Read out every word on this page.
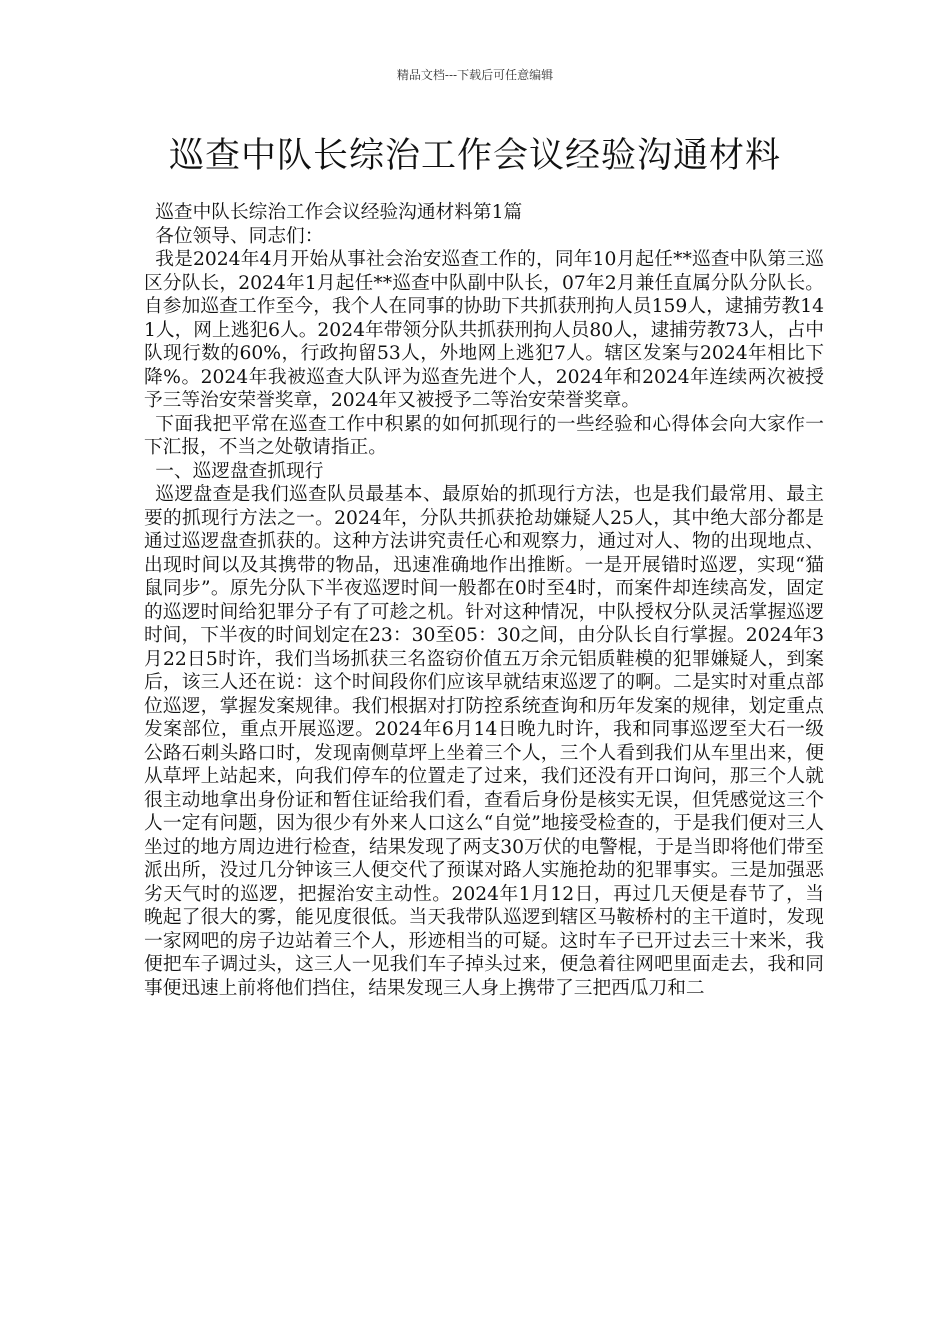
精品文档---下载后可任意编辑
巡查中队长综治工作会议经验沟通材料

巡查中队长综治工作会议经验沟通材料第1篇

各位领导、同志们：

我是2024年4月开始从事社会治安巡查工作的，同年10月起任**巡查中队第三巡区分队长，2024年1月起任**巡查中队副中队长，07年2月兼任直属分队分队长。自参加巡查工作至今，我个人在同事的协助下共抓获刑拘人员159人，逮捕劳教141人，网上逃犯6人。2024年带领分队共抓获刑拘人员80人，逮捕劳教73人，占中队现行数的60%，行政拘留53人，外地网上逃犯7人。辖区发案与2024年相比下降%。2024年我被巡查大队评为巡查先进个人，2024年和2024年连续两次被授予三等治安荣誉奖章，2024年又被授予二等治安荣誉奖章。

下面我把平常在巡查工作中积累的如何抓现行的一些经验和心得体会向大家作一下汇报，不当之处敬请指正。

一、巡逻盘查抓现行

巡逻盘查是我们巡查队员最基本、最原始的抓现行方法，也是我们最常用、最主要的抓现行方法之一。2024年，分队共抓获抢劫嫌疑人25人，其中绝大部分都是通过巡逻盘查抓获的。这种方法讲究责任心和观察力，通过对人、物的出现地点、出现时间以及其携带的物品，迅速准确地作出推断。一是开展错时巡逻，实现“猫鼠同步”。原先分队下半夜巡逻时间一般都在0时至4时，而案件却连续高发，固定的巡逻时间给犯罪分子有了可趁之机。针对这种情况，中队授权分队灵活掌握巡逻时间，下半夜的时间划定在23：30至05：30之间，由分队长自行掌握。2024年3月22日5时许，我们当场抓获三名盗窃价值五万余元铝质鞋模的犯罪嫌疑人，到案后，该三人还在说：这个时间段你们应该早就结束巡逻了的啊。二是实时对重点部位巡逻，掌握发案规律。我们根据对打防控系统查询和历年发案的规律，划定重点发案部位，重点开展巡逻。2024年6月14日晚九时许，我和同事巡逻至大石一级公路石刺头路口时，发现南侧草坪上坐着三个人，三个人看到我们从车里出来，便从草坪上站起来，向我们停车的位置走了过来，我们还没有开口询问，那三个人就很主动地拿出身份证和暂住证给我们看，查看后身份是核实无误，但凭感觉这三个人一定有问题，因为很少有外来人口这么“自觉”地接受检查的，于是我们便对三人坐过的地方周边进行检查，结果发现了两支30万伏的电警棍，于是当即将他们带至派出所，没过几分钟该三人便交代了预谋对路人实施抢劫的犯罪事实。三是加强恶劣天气时的巡逻，把握治安主动性。2024年1月12日，再过几天便是春节了，当晚起了很大的雾，能见度很低。当天我带队巡逻到辖区马鞍桥村的主干道时，发现一家网吧的房子边站着三个人，形迹相当的可疑。这时车子已开过去三十来米，我便把车子调过头，这三人一见我们车子掉头过来，便急着往网吧里面走去，我和同事便迅速上前将他们挡住，结果发现三人身上携带了三把西瓜刀和二
